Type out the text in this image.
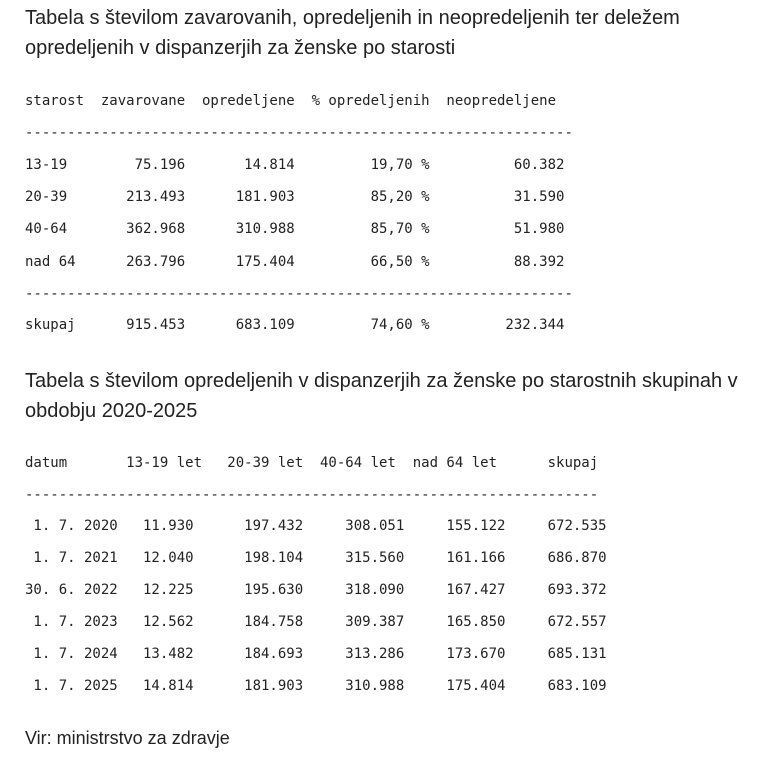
Tabela s številom zavarovanih, opredeljenih in neopredeljenih ter deležem opredeljenih v dispanzerjih za ženske po starosti
starost  zavarovane  opredeljene  % opredeljenih  neopredeljene
-----------------------------------------------------------------
13-19        75.196       14.814         19,70 %          60.382
20-39       213.493      181.903         85,20 %          31.590
40-64       362.968      310.988         85,70 %          51.980
nad 64      263.796      175.404         66,50 %          88.392
-----------------------------------------------------------------
skupaj      915.453      683.109         74,60 %         232.344
Tabela s številom opredeljenih v dispanzerjih za ženske po starostnih skupinah v obdobju 2020-2025
datum       13-19 let   20-39 let  40-64 let  nad 64 let      skupaj
--------------------------------------------------------------------
1. 7. 2020   11.930      197.432     308.051     155.122     672.535
1. 7. 2021   12.040      198.104     315.560     161.166     686.870
30. 6. 2022   12.225      195.630     318.090     167.427     693.372
1. 7. 2023   12.562      184.758     309.387     165.850     672.557
1. 7. 2024   13.482      184.693     313.286     173.670     685.131
1. 7. 2025   14.814      181.903     310.988     175.404     683.109
Vir: ministrstvo za zdravje
